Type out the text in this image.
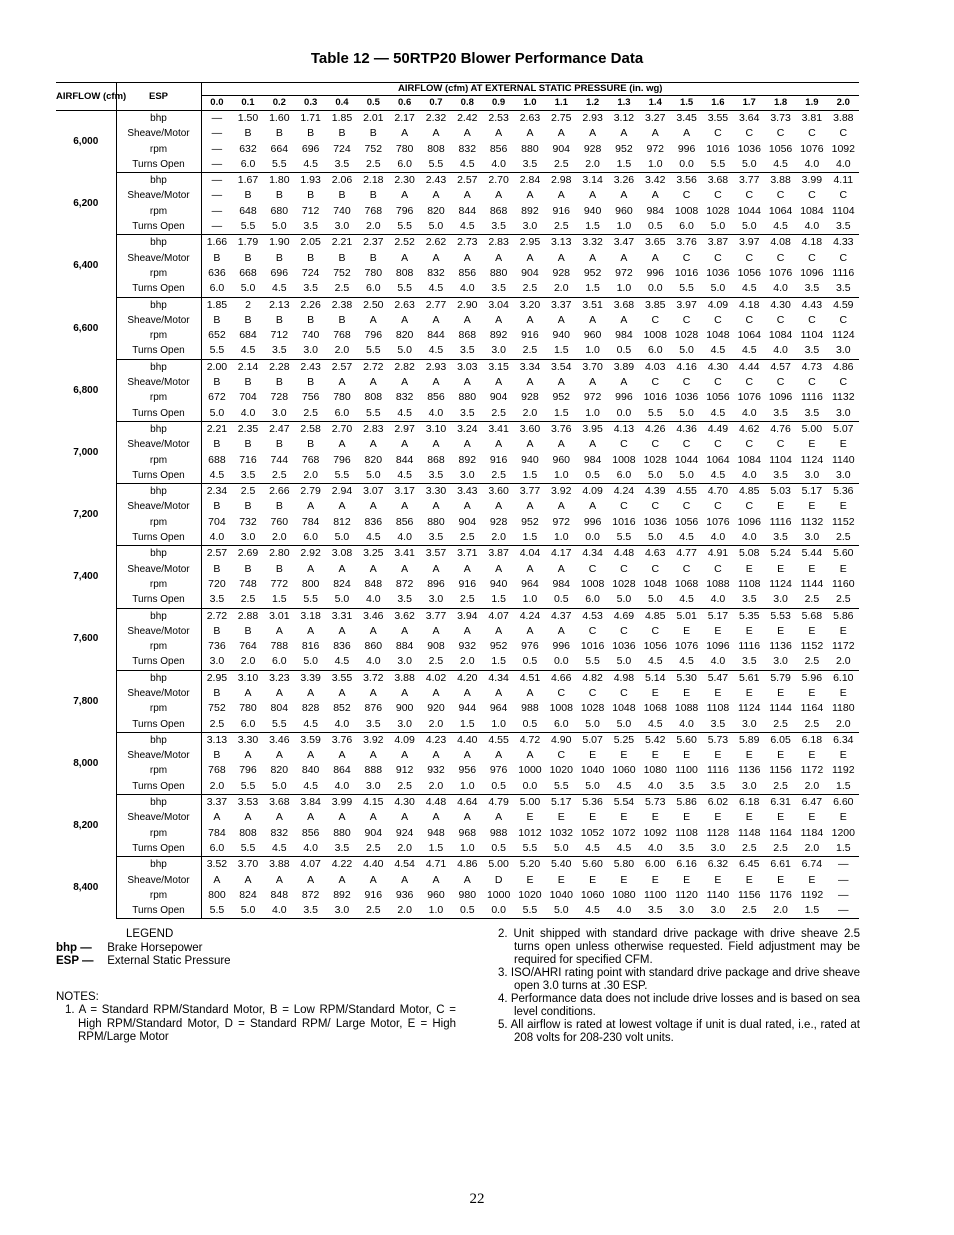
Table 12 — 50RTP20 Blower Performance Data
AIRFLOW (cfm)	ESP	AIRFLOW (cfm) AT EXTERNAL STATIC PRESSURE (in. wg)																				
		0.0	0.1	0.2	0.3	0.4	0.5	0.6	0.7	0.8	0.9	1.0	1.1	1.2	1.3	1.4	1.5	1.6	1.7	1.8	1.9	2.0
6,000	bhp	—	1.50	1.60	1.71	1.85	2.01	2.17	2.32	2.42	2.53	2.63	2.75	2.93	3.12	3.27	3.45	3.55	3.64	3.73	3.81	3.88
	Sheave/Motor	—	B	B	B	B	B	A	A	A	A	A	A	A	A	A	A	C	C	C	C	C
	rpm	—	632	664	696	724	752	780	808	832	856	880	904	928	952	972	996	1016	1036	1056	1076	1092
	Turns Open	—	6.0	5.5	4.5	3.5	2.5	6.0	5.5	4.5	4.0	3.5	2.5	2.0	1.5	1.0	0.0	5.5	5.0	4.5	4.0	4.0
6,200	bhp	—	1.67	1.80	1.93	2.06	2.18	2.30	2.43	2.57	2.70	2.84	2.98	3.14	3.26	3.42	3.56	3.68	3.77	3.88	3.99	4.11
	Sheave/Motor	—	B	B	B	B	B	A	A	A	A	A	A	A	A	A	C	C	C	C	C	C
	rpm	—	648	680	712	740	768	796	820	844	868	892	916	940	960	984	1008	1028	1044	1064	1084	1104
	Turns Open	—	5.5	5.0	3.5	3.0	2.0	5.5	5.0	4.5	3.5	3.0	2.5	1.5	1.0	0.5	6.0	5.0	5.0	4.5	4.0	3.5
6,400	bhp	1.66	1.79	1.90	2.05	2.21	2.37	2.52	2.62	2.73	2.83	2.95	3.13	3.32	3.47	3.65	3.76	3.87	3.97	4.08	4.18	4.33
	Sheave/Motor	B	B	B	B	B	B	A	A	A	A	A	A	A	A	A	C	C	C	C	C	C
	rpm	636	668	696	724	752	780	808	832	856	880	904	928	952	972	996	1016	1036	1056	1076	1096	1116
	Turns Open	6.0	5.0	4.5	3.5	2.5	6.0	5.5	4.5	4.0	3.5	2.5	2.0	1.5	1.0	0.0	5.5	5.0	4.5	4.0	3.5	3.5
6,600	bhp	1.85	2	2.13	2.26	2.38	2.50	2.63	2.77	2.90	3.04	3.20	3.37	3.51	3.68	3.85	3.97	4.09	4.18	4.30	4.43	4.59
	Sheave/Motor	B	B	B	B	B	A	A	A	A	A	A	A	A	A	C	C	C	C	C	C	C
	rpm	652	684	712	740	768	796	820	844	868	892	916	940	960	984	1008	1028	1048	1064	1084	1104	1124
	Turns Open	5.5	4.5	3.5	3.0	2.0	5.5	5.0	4.5	3.5	3.0	2.5	1.5	1.0	0.5	6.0	5.0	4.5	4.5	4.0	3.5	3.0
6,800	bhp	2.00	2.14	2.28	2.43	2.57	2.72	2.82	2.93	3.03	3.15	3.34	3.54	3.70	3.89	4.03	4.16	4.30	4.44	4.57	4.73	4.86
	Sheave/Motor	B	B	B	B	A	A	A	A	A	A	A	A	A	A	C	C	C	C	C	C	C
	rpm	672	704	728	756	780	808	832	856	880	904	928	952	972	996	1016	1036	1056	1076	1096	1116	1132
	Turns Open	5.0	4.0	3.0	2.5	6.0	5.5	4.5	4.0	3.5	2.5	2.0	1.5	1.0	0.0	5.5	5.0	4.5	4.0	3.5	3.5	3.0
7,000	bhp	2.21	2.35	2.47	2.58	2.70	2.83	2.97	3.10	3.24	3.41	3.60	3.76	3.95	4.13	4.26	4.36	4.49	4.62	4.76	5.00	5.07
	Sheave/Motor	B	B	B	B	A	A	A	A	A	A	A	A	A	C	C	C	C	C	C	E	E
	rpm	688	716	744	768	796	820	844	868	892	916	940	960	984	1008	1028	1044	1064	1084	1104	1124	1140
	Turns Open	4.5	3.5	2.5	2.0	5.5	5.0	4.5	3.5	3.0	2.5	1.5	1.0	0.5	6.0	5.0	5.0	4.5	4.0	3.5	3.0	3.0
7,200	bhp	2.34	2.5	2.66	2.79	2.94	3.07	3.17	3.30	3.43	3.60	3.77	3.92	4.09	4.24	4.39	4.55	4.70	4.85	5.03	5.17	5.36
	Sheave/Motor	B	B	B	A	A	A	A	A	A	A	A	A	A	C	C	C	C	C	E	E	E
	rpm	704	732	760	784	812	836	856	880	904	928	952	972	996	1016	1036	1056	1076	1096	1116	1132	1152
	Turns Open	4.0	3.0	2.0	6.0	5.0	4.5	4.0	3.5	2.5	2.0	1.5	1.0	0.0	5.5	5.0	4.5	4.0	4.0	3.5	3.0	2.5
7,400	bhp	2.57	2.69	2.80	2.92	3.08	3.25	3.41	3.57	3.71	3.87	4.04	4.17	4.34	4.48	4.63	4.77	4.91	5.08	5.24	5.44	5.60
	Sheave/Motor	B	B	B	A	A	A	A	A	A	A	A	A	C	C	C	C	C	E	E	E	E
	rpm	720	748	772	800	824	848	872	896	916	940	964	984	1008	1028	1048	1068	1088	1108	1124	1144	1160
	Turns Open	3.5	2.5	1.5	5.5	5.0	4.0	3.5	3.0	2.5	1.5	1.0	0.5	6.0	5.0	5.0	4.5	4.0	3.5	3.0	2.5	2.5
7,600	bhp	2.72	2.88	3.01	3.18	3.31	3.46	3.62	3.77	3.94	4.07	4.24	4.37	4.53	4.69	4.85	5.01	5.17	5.35	5.53	5.68	5.86
	Sheave/Motor	B	B	A	A	A	A	A	A	A	A	A	A	C	C	C	E	E	E	E	E	E
	rpm	736	764	788	816	836	860	884	908	932	952	976	996	1016	1036	1056	1076	1096	1116	1136	1152	1172
	Turns Open	3.0	2.0	6.0	5.0	4.5	4.0	3.0	2.5	2.0	1.5	0.5	0.0	5.5	5.0	4.5	4.5	4.0	3.5	3.0	2.5	2.0
7,800	bhp	2.95	3.10	3.23	3.39	3.55	3.72	3.88	4.02	4.20	4.34	4.51	4.66	4.82	4.98	5.14	5.30	5.47	5.61	5.79	5.96	6.10
	Sheave/Motor	B	A	A	A	A	A	A	A	A	A	A	C	C	C	E	E	E	E	E	E	E
	rpm	752	780	804	828	852	876	900	920	944	964	988	1008	1028	1048	1068	1088	1108	1124	1144	1164	1180
	Turns Open	2.5	6.0	5.5	4.5	4.0	3.5	3.0	2.0	1.5	1.0	0.5	6.0	5.0	5.0	4.5	4.0	3.5	3.0	2.5	2.5	2.0
8,000	bhp	3.13	3.30	3.46	3.59	3.76	3.92	4.09	4.23	4.40	4.55	4.72	4.90	5.07	5.25	5.42	5.60	5.73	5.89	6.05	6.18	6.34
	Sheave/Motor	B	A	A	A	A	A	A	A	A	A	A	C	E	E	E	E	E	E	E	E	E
	rpm	768	796	820	840	864	888	912	932	956	976	1000	1020	1040	1060	1080	1100	1116	1136	1156	1172	1192
	Turns Open	2.0	5.5	5.0	4.5	4.0	3.0	2.5	2.0	1.0	0.5	0.0	5.5	5.0	4.5	4.0	3.5	3.5	3.0	2.5	2.0	1.5
8,200	bhp	3.37	3.53	3.68	3.84	3.99	4.15	4.30	4.48	4.64	4.79	5.00	5.17	5.36	5.54	5.73	5.86	6.02	6.18	6.31	6.47	6.60
	Sheave/Motor	A	A	A	A	A	A	A	A	A	A	E	E	E	E	E	E	E	E	E	E	E
	rpm	784	808	832	856	880	904	924	948	968	988	1012	1032	1052	1072	1092	1108	1128	1148	1164	1184	1200
	Turns Open	6.0	5.5	4.5	4.0	3.5	2.5	2.0	1.5	1.0	0.5	5.5	5.0	4.5	4.5	4.0	3.5	3.0	2.5	2.5	2.0	1.5
8,400	bhp	3.52	3.70	3.88	4.07	4.22	4.40	4.54	4.71	4.86	5.00	5.20	5.40	5.60	5.80	6.00	6.16	6.32	6.45	6.61	6.74	—
	Sheave/Motor	A	A	A	A	A	A	A	A	A	D	E	E	E	E	E	E	E	E	E	E	—
	rpm	800	824	848	872	892	916	936	960	980	1000	1020	1040	1060	1080	1100	1120	1140	1156	1176	1192	—
	Turns Open	5.5	5.0	4.0	3.5	3.0	2.5	2.0	1.0	0.5	0.0	5.5	5.0	4.5	4.0	3.5	3.0	3.0	2.5	2.0	1.5	—
LEGEND
bhp — Brake Horsepower
ESP — External Static Pressure
NOTES:
1. A = Standard RPM/Standard Motor, B = Low RPM/Standard Motor, C = High RPM/Standard Motor, D = Standard RPM/ Large Motor, E = High RPM/Large Motor
2. Unit shipped with standard drive package with drive sheave 2.5 turns open unless otherwise requested. Field adjustment may be required for specified CFM.
3. ISO/AHRI rating point with standard drive package and drive sheave open 3.0 turns at .30 ESP.
4. Performance data does not include drive losses and is based on sea level conditions.
5. All airflow is rated at lowest voltage if unit is dual rated, i.e., rated at 208 volts for 208-230 volt units.
22
